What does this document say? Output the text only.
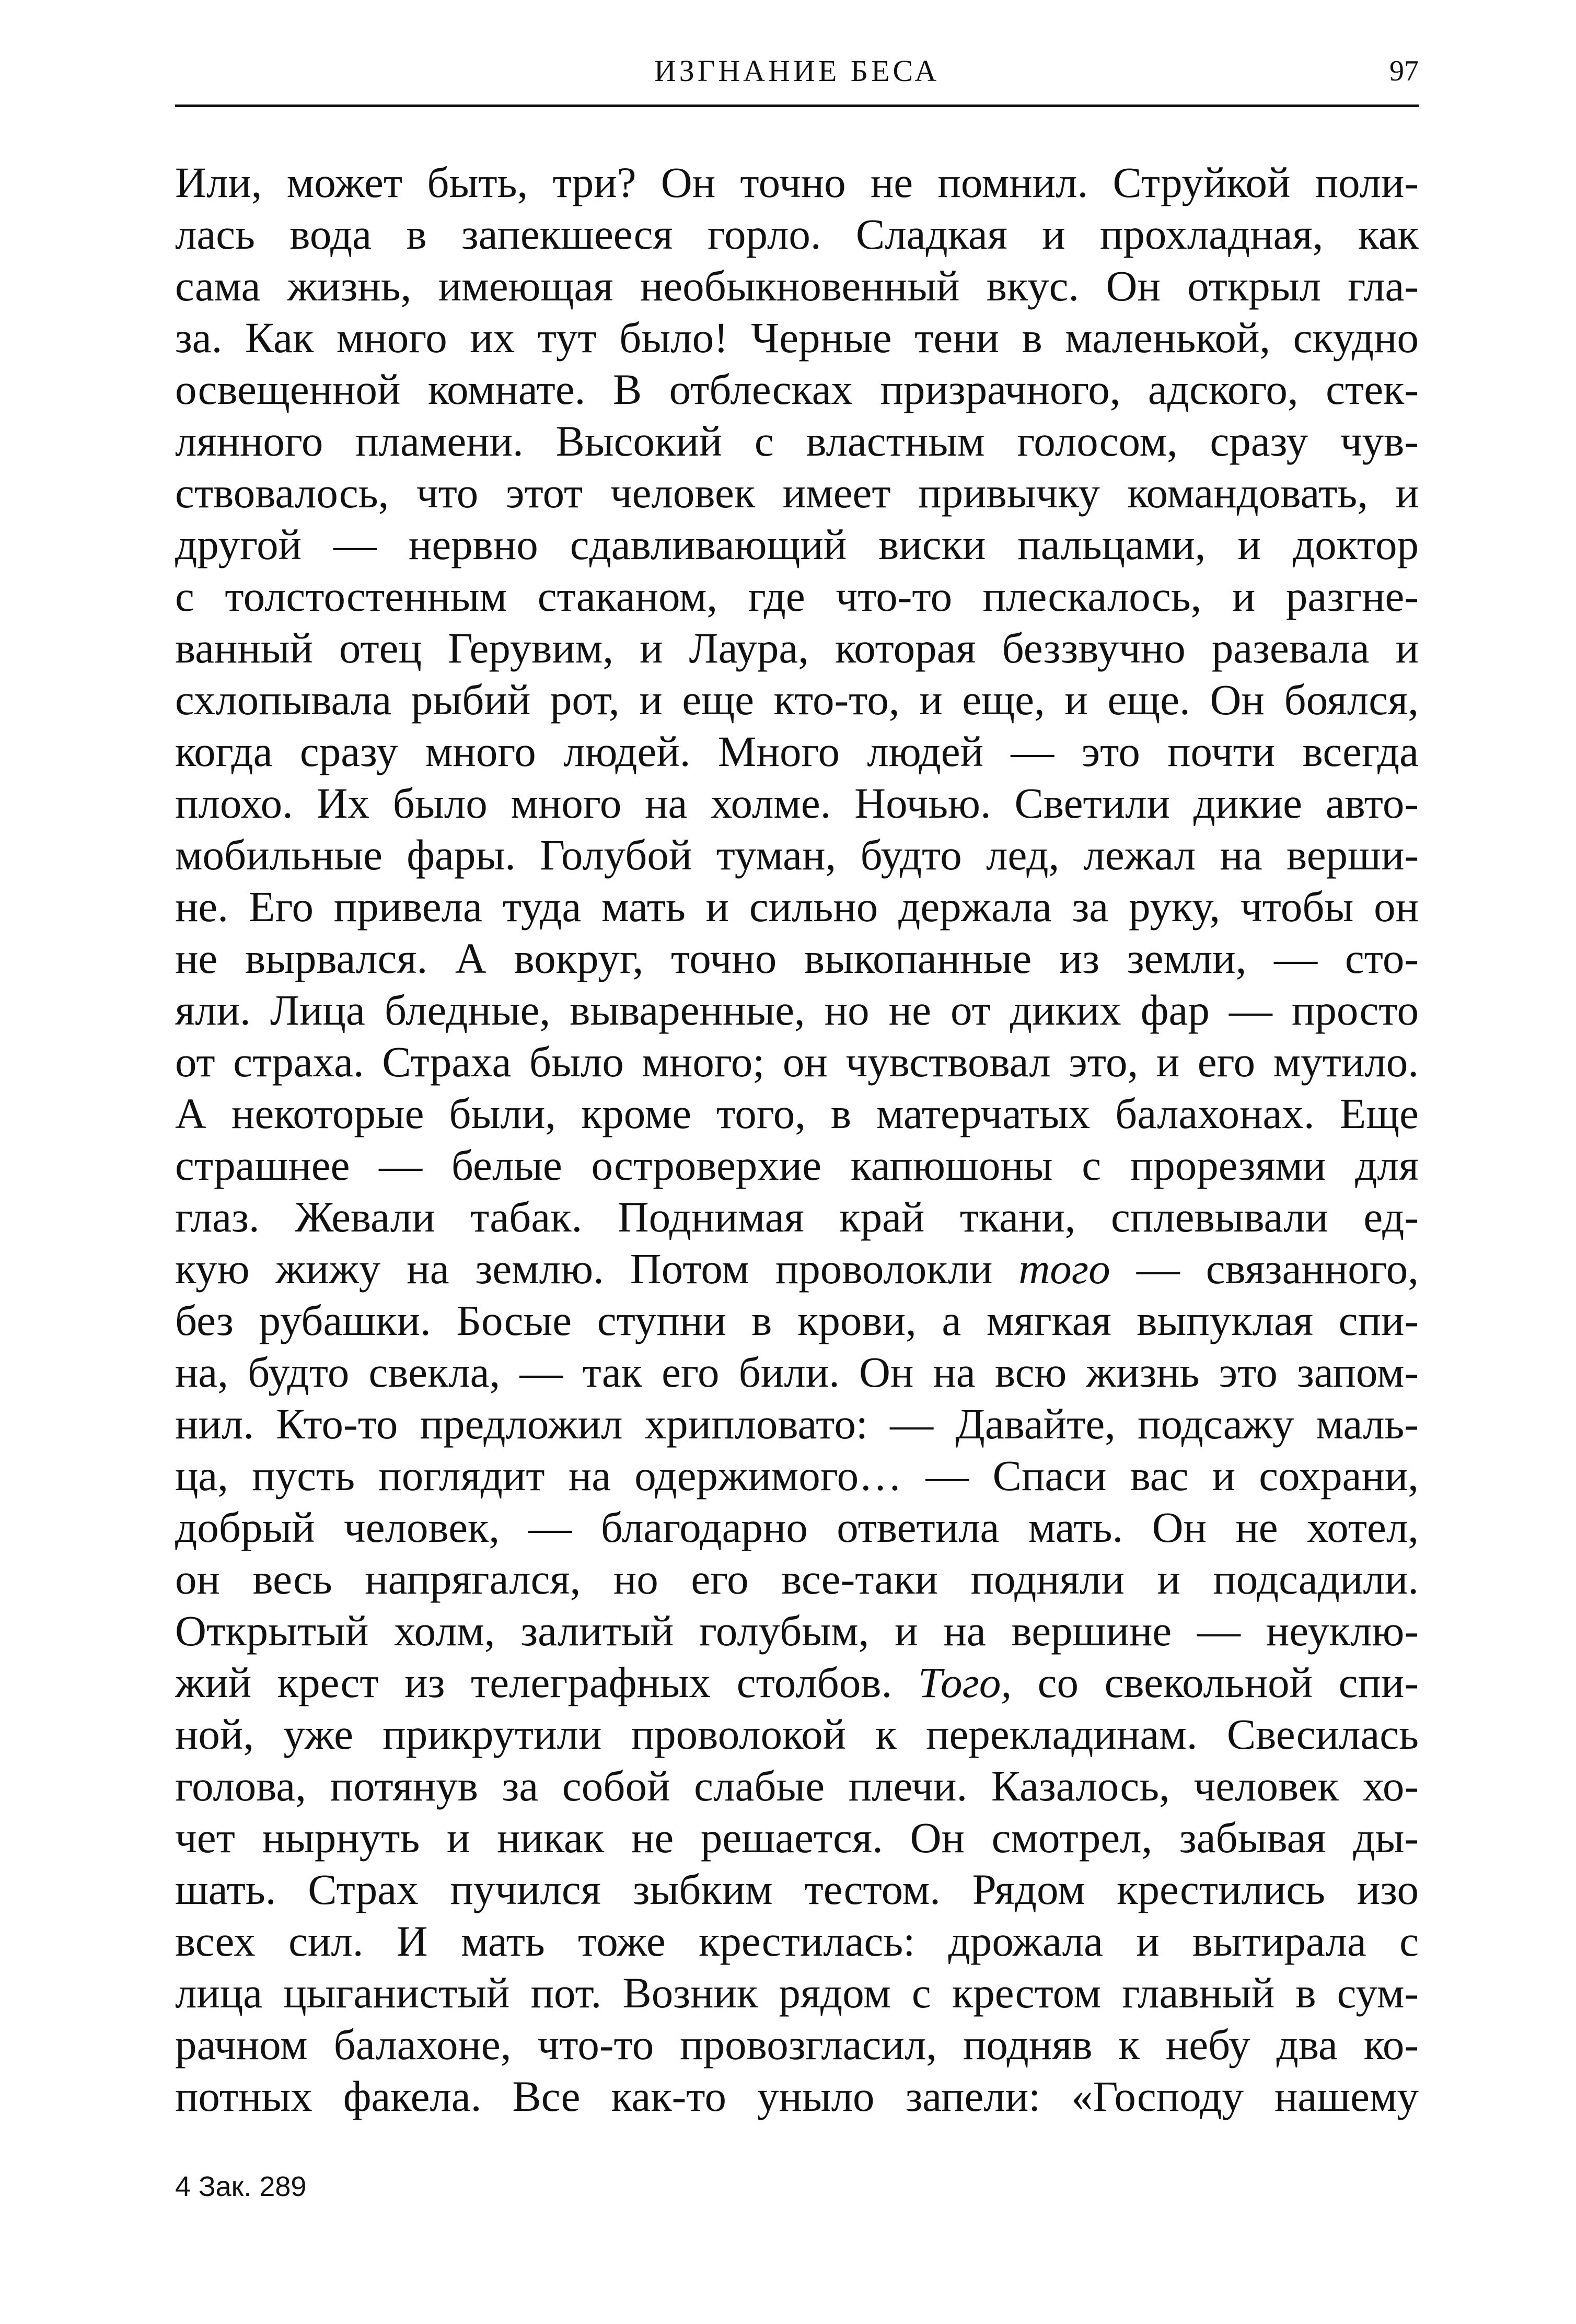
ИЗГНАНИЕ БЕСА	97
Или, может быть, три? Он точно не помнил. Струйкой поли-
лась вода в запекшееся горло. Сладкая и прохладная, как
сама жизнь, имеющая необыкновенный вкус. Он открыл гла-
за. Как много их тут было! Черные тени в маленькой, скудно
освещенной комнате. В отблесках призрачного, адского, стек-
лянного пламени. Высокий с властным голосом, сразу чув-
ствовалось, что этот человек имеет привычку командовать, и
другой — нервно сдавливающий виски пальцами, и доктор
с толстостенным стаканом, где что-то плескалось, и разгне-
ванный отец Герувим, и Лаура, которая беззвучно разевала и
схлопывала рыбий рот, и еще кто-то, и еще, и еще. Он боялся,
когда сразу много людей. Много людей — это почти всегда
плохо. Их было много на холме. Ночью. Светили дикие авто-
мобильные фары. Голубой туман, будто лед, лежал на верши-
не. Его привела туда мать и сильно держала за руку, чтобы он
не вырвался. А вокруг, точно выкопанные из земли, — сто-
яли. Лица бледные, вываренные, но не от диких фар — просто
от страха. Страха было много; он чувствовал это, и его мутило.
А некоторые были, кроме того, в матерчатых балахонах. Еще
страшнее — белые островерхие капюшоны с прорезями для
глаз. Жевали табак. Поднимая край ткани, сплевывали ед-
кую жижу на землю. Потом проволокли того — связанного,
без рубашки. Босые ступни в крови, а мягкая выпуклая спи-
на, будто свекла, — так его били. Он на всю жизнь это запом-
нил. Кто-то предложил хрипловато: — Давайте, подсажу маль-
ца, пусть поглядит на одержимого… — Спаси вас и сохрани,
добрый человек, — благодарно ответила мать. Он не хотел,
он весь напрягался, но его все-таки подняли и подсадили.
Открытый холм, залитый голубым, и на вершине — неуклю-
жий крест из телеграфных столбов. Того, со свекольной спи-
ной, уже прикрутили проволокой к перекладинам. Свесилась
голова, потянув за собой слабые плечи. Казалось, человек хо-
чет нырнуть и никак не решается. Он смотрел, забывая ды-
шать. Страх пучился зыбким тестом. Рядом крестились изо
всех сил. И мать тоже крестилась: дрожала и вытирала с
лица цыганистый пот. Возник рядом с крестом главный в сум-
рачном балахоне, что-то провозгласил, подняв к небу два ко-
потных факела. Все как-то уныло запели: «Господу нашему
4 Зак. 289
